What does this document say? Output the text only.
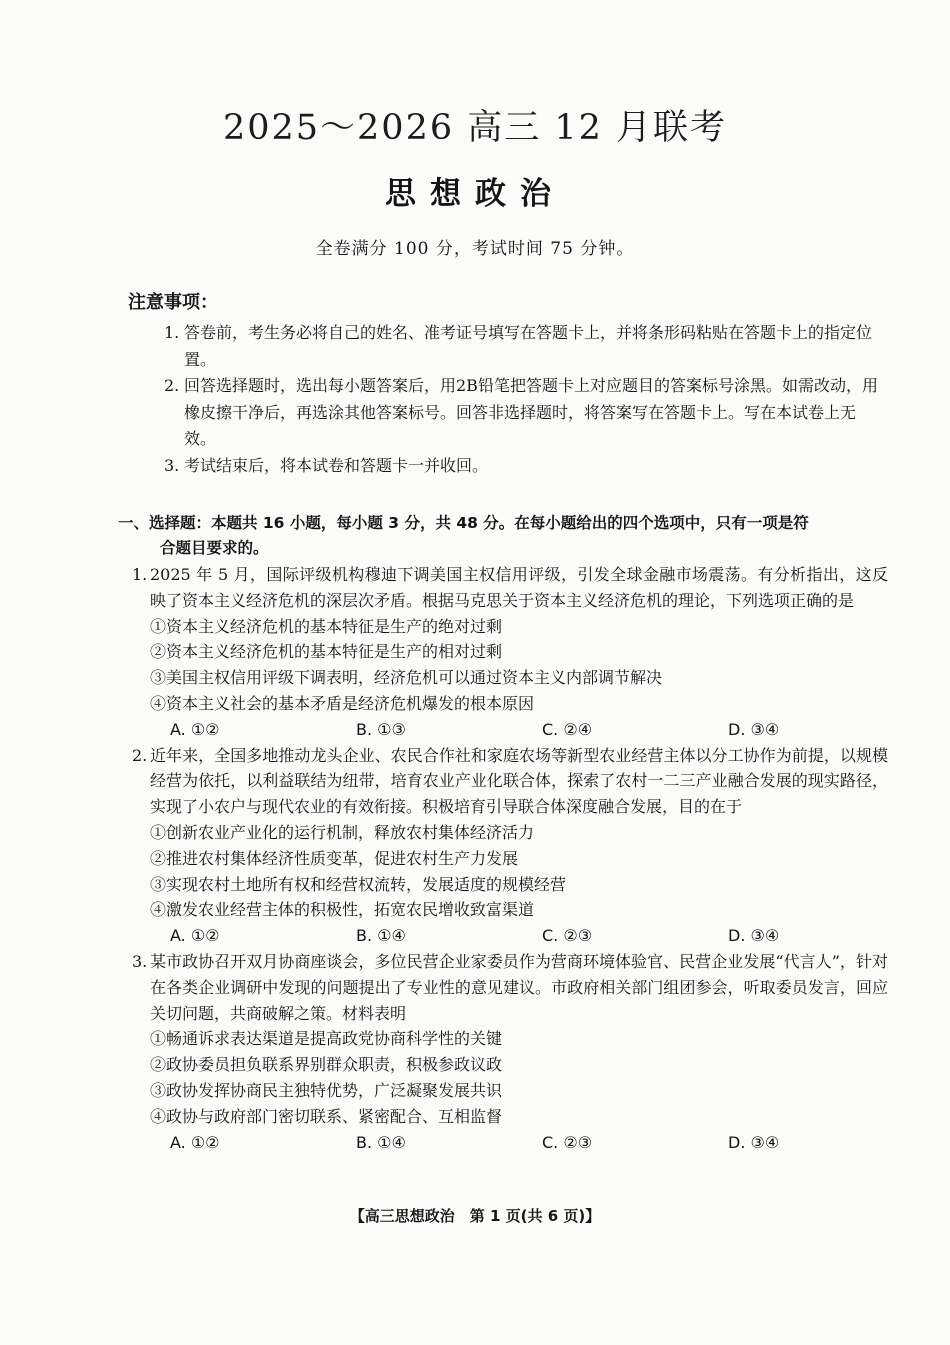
2025～2026 高三 12 月联考
思想政治
全卷满分 100 分，考试时间 75 分钟。
注意事项：
1. 答卷前，考生务必将自己的姓名、准考证号填写在答题卡上，并将条形码粘贴在答题卡上的指定位置。
2. 回答选择题时，选出每小题答案后，用2B铅笔把答题卡上对应题目的答案标号涂黑。如需改动，用橡皮擦干净后，再选涂其他答案标号。回答非选择题时，将答案写在答题卡上。写在本试卷上无效。
3. 考试结束后，将本试卷和答题卡一并收回。
一、选择题：本题共 16 小题，每小题 3 分，共 48 分。在每小题给出的四个选项中，只有一项是符
合题目要求的。
1. 2025 年 5 月，国际评级机构穆迪下调美国主权信用评级，引发全球金融市场震荡。有分析指出，这反映了资本主义经济危机的深层次矛盾。根据马克思关于资本主义经济危机的理论，下列选项正确的是
①资本主义经济危机的基本特征是生产的绝对过剩
②资本主义经济危机的基本特征是生产的相对过剩
③美国主权信用评级下调表明，经济危机可以通过资本主义内部调节解决
④资本主义社会的基本矛盾是经济危机爆发的根本原因
A. ①②	B. ①③	C. ②④	D. ③④
2. 近年来，全国多地推动龙头企业、农民合作社和家庭农场等新型农业经营主体以分工协作为前提，以规模经营为依托，以利益联结为纽带，培育农业产业化联合体，探索了农村一二三产业融合发展的现实路径，实现了小农户与现代农业的有效衔接。积极培育引导联合体深度融合发展，目的在于
①创新农业产业化的运行机制，释放农村集体经济活力
②推进农村集体经济性质变革，促进农村生产力发展
③实现农村土地所有权和经营权流转，发展适度的规模经营
④激发农业经营主体的积极性，拓宽农民增收致富渠道
A. ①②	B. ①④	C. ②③	D. ③④
3. 某市政协召开双月协商座谈会，多位民营企业家委员作为营商环境体验官、民营企业发展“代言人”，针对在各类企业调研中发现的问题提出了专业性的意见建议。市政府相关部门组团参会，听取委员发言，回应关切问题，共商破解之策。材料表明
①畅通诉求表达渠道是提高政党协商科学性的关键
②政协委员担负联系界别群众职责，积极参政议政
③政协发挥协商民主独特优势，广泛凝聚发展共识
④政协与政府部门密切联系、紧密配合、互相监督
A. ①②	B. ①④	C. ②③	D. ③④
【高三思想政治　第 1 页(共 6 页)】
